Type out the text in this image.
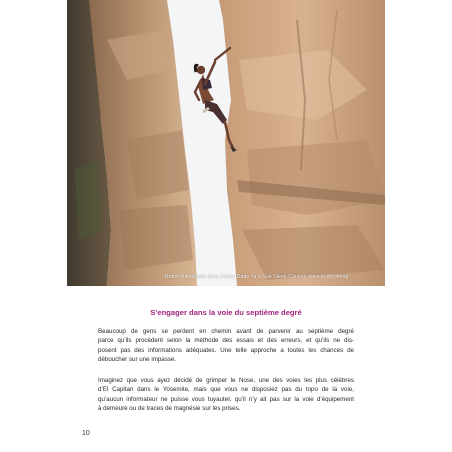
Robin Mikulowski dans Davey Dads 7a à Sue Sleep Canyon dans le Wyoming
S’engager dans la voie du septième degré
Beaucoup de gens se perdent en chemin avant de parvenir au septième degré
parce qu’ils procèdent selon la méthode des essais et des erreurs, et qu’ils ne dis-
posent pas des informations adéquates. Une telle approche a toutes les chances de
déboucher sur une impasse.
Imaginez que vous ayez décidé de grimper le Nose, une des voies les plus célèbres
d’El Capitan dans le Yosemite, mais que vous ne disposiez pas du topo de la voie,
qu’aucun informateur ne puisse vous tuyauter, qu’il n’y ait pas sur la voie d’équipement
à demeure ou de traces de magnésie sur les prises.
10
